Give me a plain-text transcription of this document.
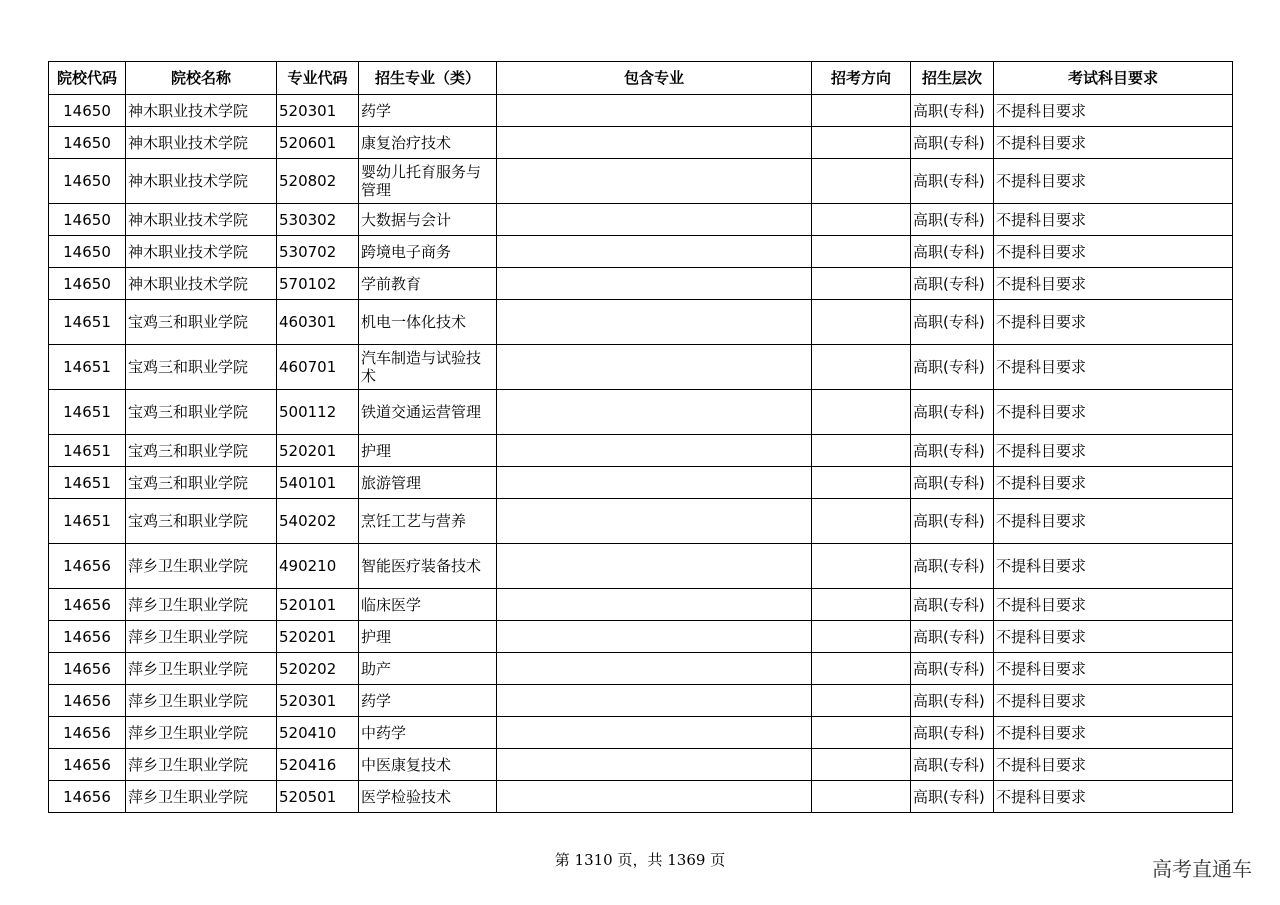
院校代码	院校名称	专业代码	招生专业（类）	包含专业	招考方向	招生层次	考试科目要求
14650	神木职业技术学院	520301	药学			高职(专科)	不提科目要求
14650	神木职业技术学院	520601	康复治疗技术			高职(专科)	不提科目要求
14650	神木职业技术学院	520802	婴幼儿托育服务与管理			高职(专科)	不提科目要求
14650	神木职业技术学院	530302	大数据与会计			高职(专科)	不提科目要求
14650	神木职业技术学院	530702	跨境电子商务			高职(专科)	不提科目要求
14650	神木职业技术学院	570102	学前教育			高职(专科)	不提科目要求
14651	宝鸡三和职业学院	460301	机电一体化技术			高职(专科)	不提科目要求
14651	宝鸡三和职业学院	460701	汽车制造与试验技术			高职(专科)	不提科目要求
14651	宝鸡三和职业学院	500112	铁道交通运营管理			高职(专科)	不提科目要求
14651	宝鸡三和职业学院	520201	护理			高职(专科)	不提科目要求
14651	宝鸡三和职业学院	540101	旅游管理			高职(专科)	不提科目要求
14651	宝鸡三和职业学院	540202	烹饪工艺与营养			高职(专科)	不提科目要求
14656	萍乡卫生职业学院	490210	智能医疗装备技术			高职(专科)	不提科目要求
14656	萍乡卫生职业学院	520101	临床医学			高职(专科)	不提科目要求
14656	萍乡卫生职业学院	520201	护理			高职(专科)	不提科目要求
14656	萍乡卫生职业学院	520202	助产			高职(专科)	不提科目要求
14656	萍乡卫生职业学院	520301	药学			高职(专科)	不提科目要求
14656	萍乡卫生职业学院	520410	中药学			高职(专科)	不提科目要求
14656	萍乡卫生职业学院	520416	中医康复技术			高职(专科)	不提科目要求
14656	萍乡卫生职业学院	520501	医学检验技术			高职(专科)	不提科目要求
第 1310 页，共 1369 页	高考直通车
